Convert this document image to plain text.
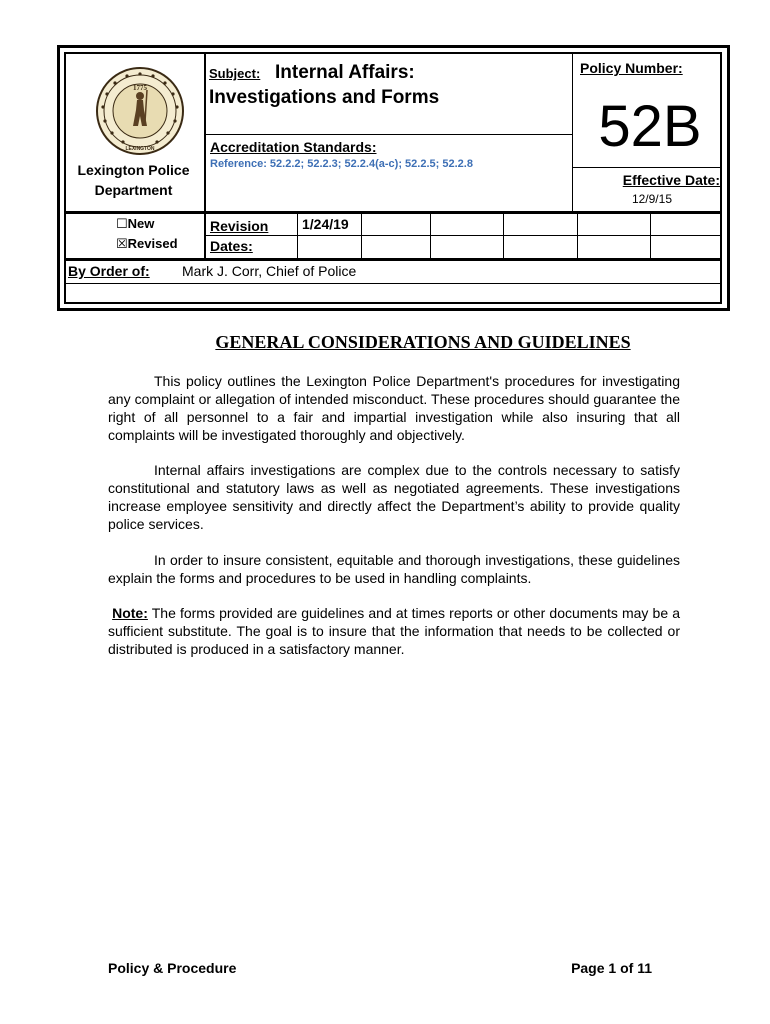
1775
LEXINGTON
Lexington Police
Department
Subject: Internal Affairs:
Investigations and Forms
Accreditation Standards:
Reference: 52.2.2; 52.2.3; 52.2.4(a-c); 52.2.5; 52.2.8
Policy Number:
52B
Effective Date:
12/9/15
☐New
☒Revised
Revision
Dates:
1/24/19
By Order of: Mark J. Corr, Chief of Police
GENERAL CONSIDERATIONS AND GUIDELINES
This policy outlines the Lexington Police Department's procedures for investigating any complaint or allegation of intended misconduct. These procedures should guarantee the right of all personnel to a fair and impartial investigation while also insuring that all complaints will be investigated thoroughly and objectively.
Internal affairs investigations are complex due to the controls necessary to satisfy constitutional and statutory laws as well as negotiated agreements. These investigations increase employee sensitivity and directly affect the Department’s ability to provide quality police services.
In order to insure consistent, equitable and thorough investigations, these guidelines explain the forms and procedures to be used in handling complaints.
Note: The forms provided are guidelines and at times reports or other documents may be a sufficient substitute. The goal is to insure that the information that needs to be collected or distributed is produced in a satisfactory manner.
Policy & Procedure	Page 1 of 11
